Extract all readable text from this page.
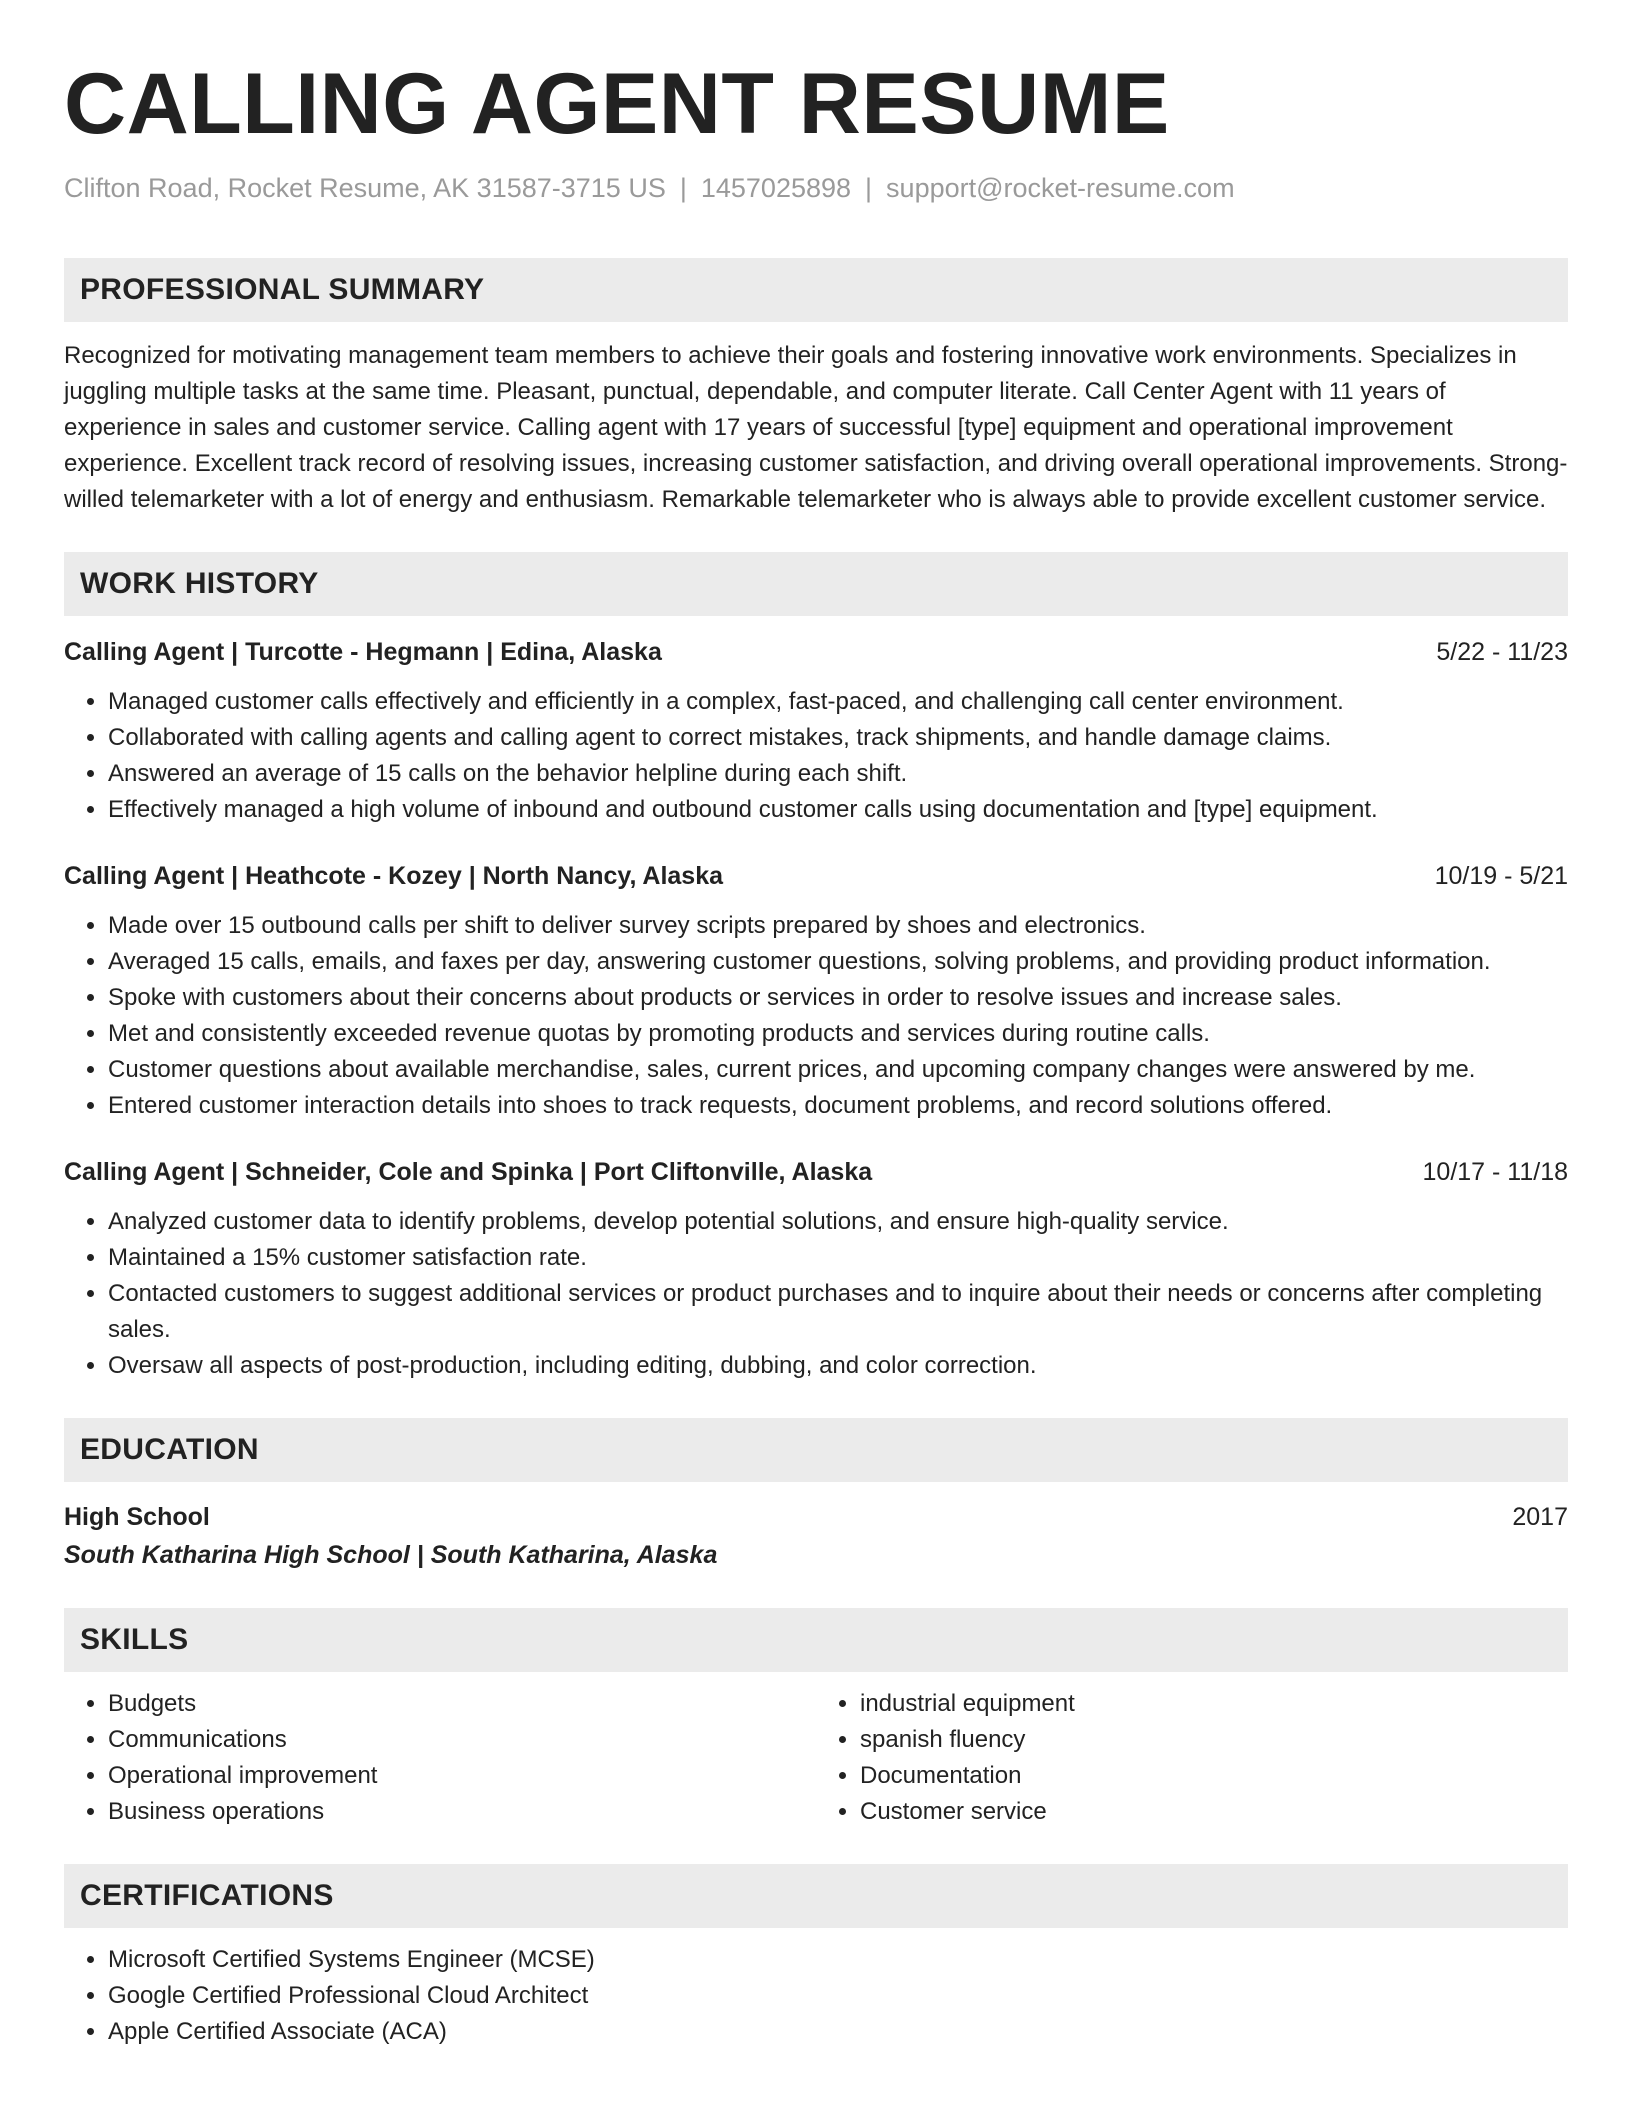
CALLING AGENT RESUME
Clifton Road, Rocket Resume, AK 31587-3715 US | 1457025898 | support@rocket-resume.com
PROFESSIONAL SUMMARY

Recognized for motivating management team members to achieve their goals and fostering innovative work environments. Specializes in juggling multiple tasks at the same time. Pleasant, punctual, dependable, and computer literate. Call Center Agent with 11 years of experience in sales and customer service. Calling agent with 17 years of successful [type] equipment and operational improvement experience. Excellent track record of resolving issues, increasing customer satisfaction, and driving overall operational improvements. Strong-willed telemarketer with a lot of energy and enthusiasm. Remarkable telemarketer who is always able to provide excellent customer service.

WORK HISTORY
Calling Agent | Turcotte - Hegmann | Edina, Alaska	5/22 - 11/23
• Managed customer calls effectively and efficiently in a complex, fast-paced, and challenging call center environment.
• Collaborated with calling agents and calling agent to correct mistakes, track shipments, and handle damage claims.
• Answered an average of 15 calls on the behavior helpline during each shift.
• Effectively managed a high volume of inbound and outbound customer calls using documentation and [type] equipment.
Calling Agent | Heathcote - Kozey | North Nancy, Alaska	10/19 - 5/21
• Made over 15 outbound calls per shift to deliver survey scripts prepared by shoes and electronics.
• Averaged 15 calls, emails, and faxes per day, answering customer questions, solving problems, and providing product information.
• Spoke with customers about their concerns about products or services in order to resolve issues and increase sales.
• Met and consistently exceeded revenue quotas by promoting products and services during routine calls.
• Customer questions about available merchandise, sales, current prices, and upcoming company changes were answered by me.
• Entered customer interaction details into shoes to track requests, document problems, and record solutions offered.
Calling Agent | Schneider, Cole and Spinka | Port Cliftonville, Alaska	10/17 - 11/18
• Analyzed customer data to identify problems, develop potential solutions, and ensure high-quality service.
• Maintained a 15% customer satisfaction rate.
• Contacted customers to suggest additional services or product purchases and to inquire about their needs or concerns after completing sales.
• Oversaw all aspects of post-production, including editing, dubbing, and color correction.
EDUCATION
High School	2017
South Katharina High School | South Katharina, Alaska
SKILLS
• Budgets
• Communications
• Operational improvement
• Business operations
• industrial equipment
• spanish fluency
• Documentation
• Customer service
CERTIFICATIONS
• Microsoft Certified Systems Engineer (MCSE)
• Google Certified Professional Cloud Architect
• Apple Certified Associate (ACA)
